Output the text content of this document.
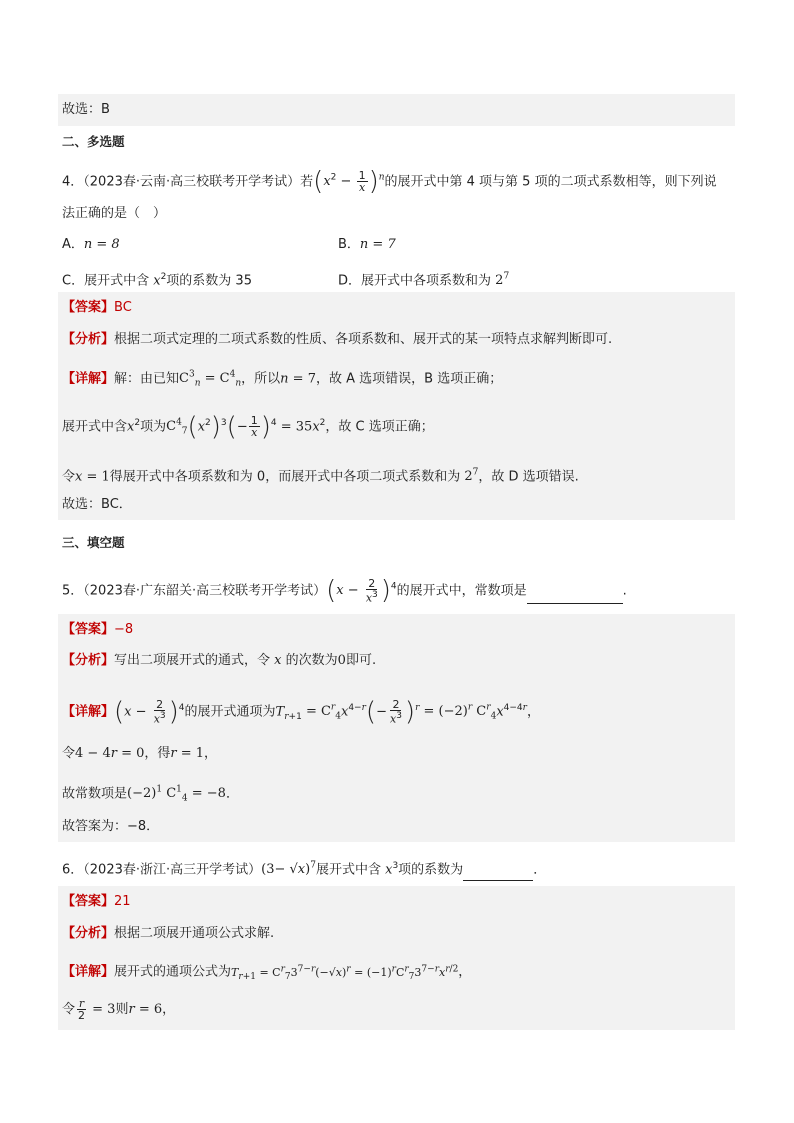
故选：B
二、多选题
4．（2023春·云南·高三校联考开学考试）若$(x^2 - \frac{1}{x} )^n$的展开式中第 4 项与第 5 项的二项式系数相等，则下列说
法正确的是（　）
A．n = 8	B．n = 7
C．展开式中含 $x^2$项的系数为 35	D．展开式中各项系数和为 $2^7$
【答案】BC
【分析】根据二项式定理的二项式系数的性质、各项系数和、展开式的某一项特点求解判断即可.
【详解】解：由已知$C^3_n = C^4_n$，所以n = 7，故 A 选项错误，B 选项正确；
展开式中含$x^2$项为$C^4_7(x^2)^3(- \frac{1}{x} )^4 = 35x^2$，故 C 选项正确；
令x = 1得展开式中各项系数和为 0，而展开式中各项二项式系数和为 $2^7$，故 D 选项错误.
故选：BC．
三、填空题
5．（2023春·广东韶关·高三校联考开学考试）$(x - \frac{2}{x^3} )^4$的展开式中，常数项是	.
【答案】−8
【分析】写出二项展开式的通式，令 x 的次数为0即可.
【详解】$(x - \frac{2}{x^3} )^4$的展开式通项为$T_{r+1} = C^r_4x^{4-r}(- \frac{2}{x^3} )^r = (-2)^r$ $C^r_4x^{4-4r}$，
令4 − 4r = 0，得r = 1，
故常数项是$(-2)^1$ $C^1_4 = -8$．
故答案为：−8．
6．（2023春·浙江·高三开学考试）$(3- √x)^7$展开式中含 $x^3$项的系数为	．
【答案】21
【分析】根据二项展开通项公式求解.
【详解】展开式的通项公式为$T_{r+1} = C^r_73^{7-r}(-√x)^r = (-1)^rC^r_73^{7-r}x^{r/2}$，
令 $\frac{r}{2} = 3$则r = 6，
